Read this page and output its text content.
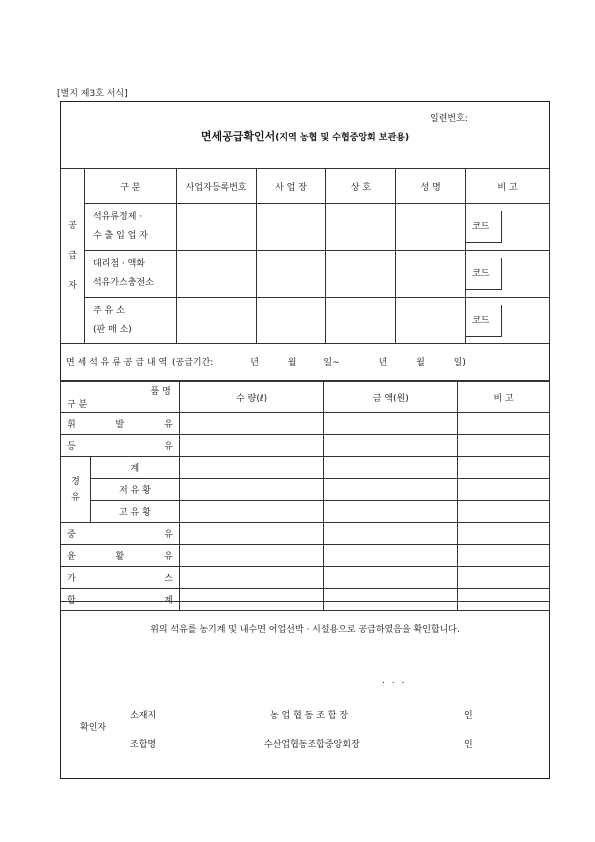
[별지 제3호 서식]
일련번호:
면세공급확인서(지역 농협 및 수협중앙회 보관용)
공
급
자	구 분	사업자등록번호	사 업 장	상 호	성 명	비 고

	석유류정제 ·
수 출 입 업 자					코드

	대리점 · 액화
석유가스충전소					코드

	주 유 소
(판 매 소)					코드
면 세 석 유 류 공 급 내 역 (공급기간:	년	월	일~	년	월	일)
품 명
구 분		수 량(ℓ)	금 액(원)	비 고

휘 발 유				

등 유				

경
유	계			
	저 유 황			
	고 유 황			

중 유				

윤 활 유				

가 스				

합 계				

위의 석유를 농기계 및 내수면 어업선박 · 시설용으로 공급하였음을 확인합니다.
. . .
확인자
소재지	농 업 협 동 조 합 장	인
조합명	수산업협동조합중앙회장	인
